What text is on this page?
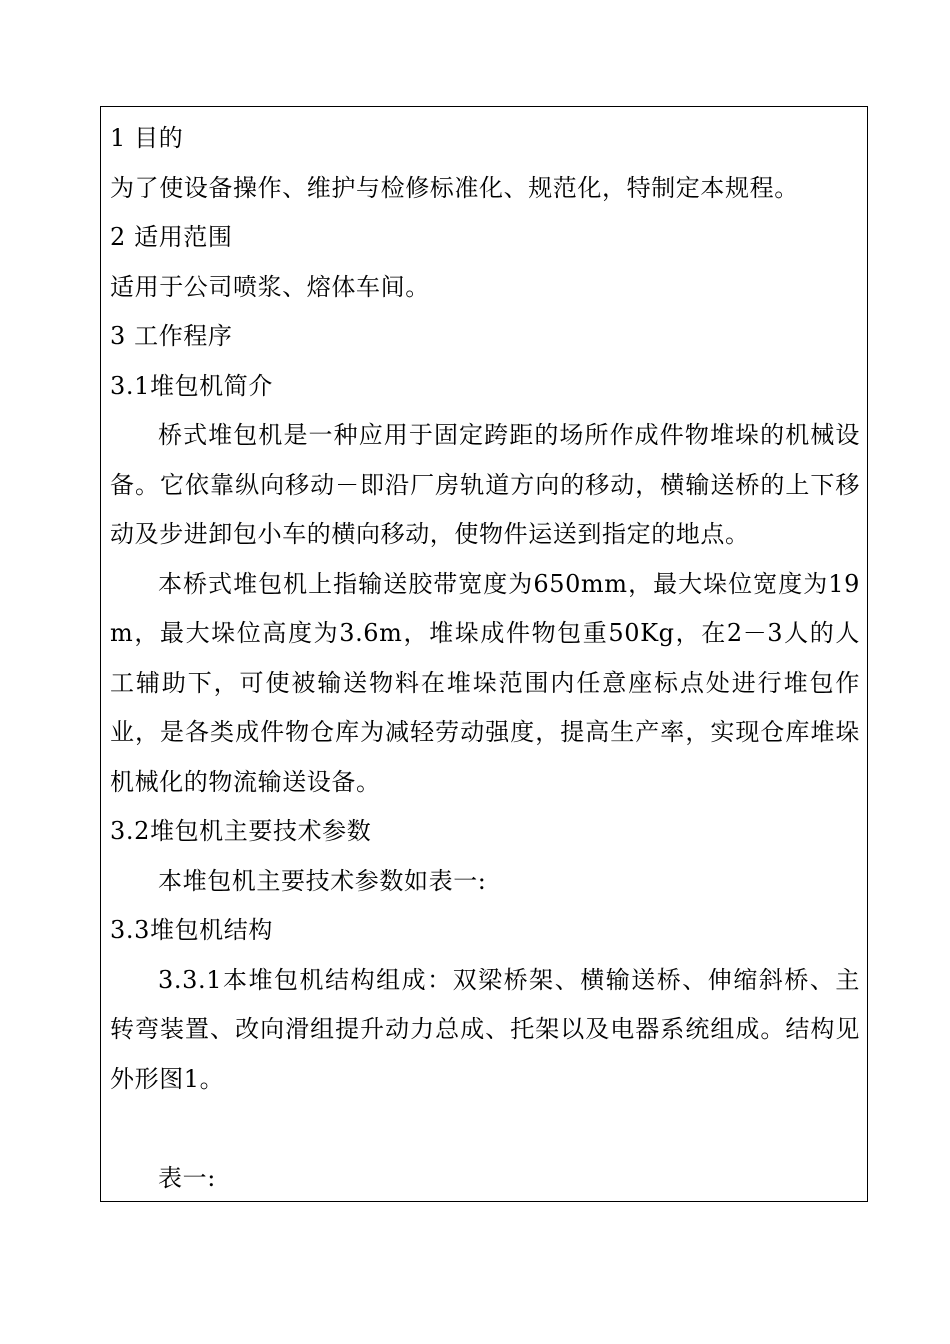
1 目的

为了使设备操作、维护与检修标准化、规范化，特制定本规程。

2 适用范围

适用于公司喷浆、熔体车间。

3 工作程序

3.1堆包机简介

桥式堆包机是一种应用于固定跨距的场所作成件物堆垛的机械设备。它依靠纵向移动－即沿厂房轨道方向的移动，横输送桥的上下移动及步进卸包小车的横向移动，使物件运送到指定的地点。

本桥式堆包机上指输送胶带宽度为650mm，最大垛位宽度为19m，最大垛位高度为3.6m，堆垛成件物包重50Kg，在2－3人的人工辅助下，可使被输送物料在堆垛范围内任意座标点处进行堆包作业，是各类成件物仓库为减轻劳动强度，提高生产率，实现仓库堆垛机械化的物流输送设备。

3.2堆包机主要技术参数

本堆包机主要技术参数如表一:

3.3堆包机结构

3.3.1本堆包机结构组成：双梁桥架、横输送桥、伸缩斜桥、主转弯装置、改向滑组提升动力总成、托架以及电器系统组成。结构见外形图1。

表一:
